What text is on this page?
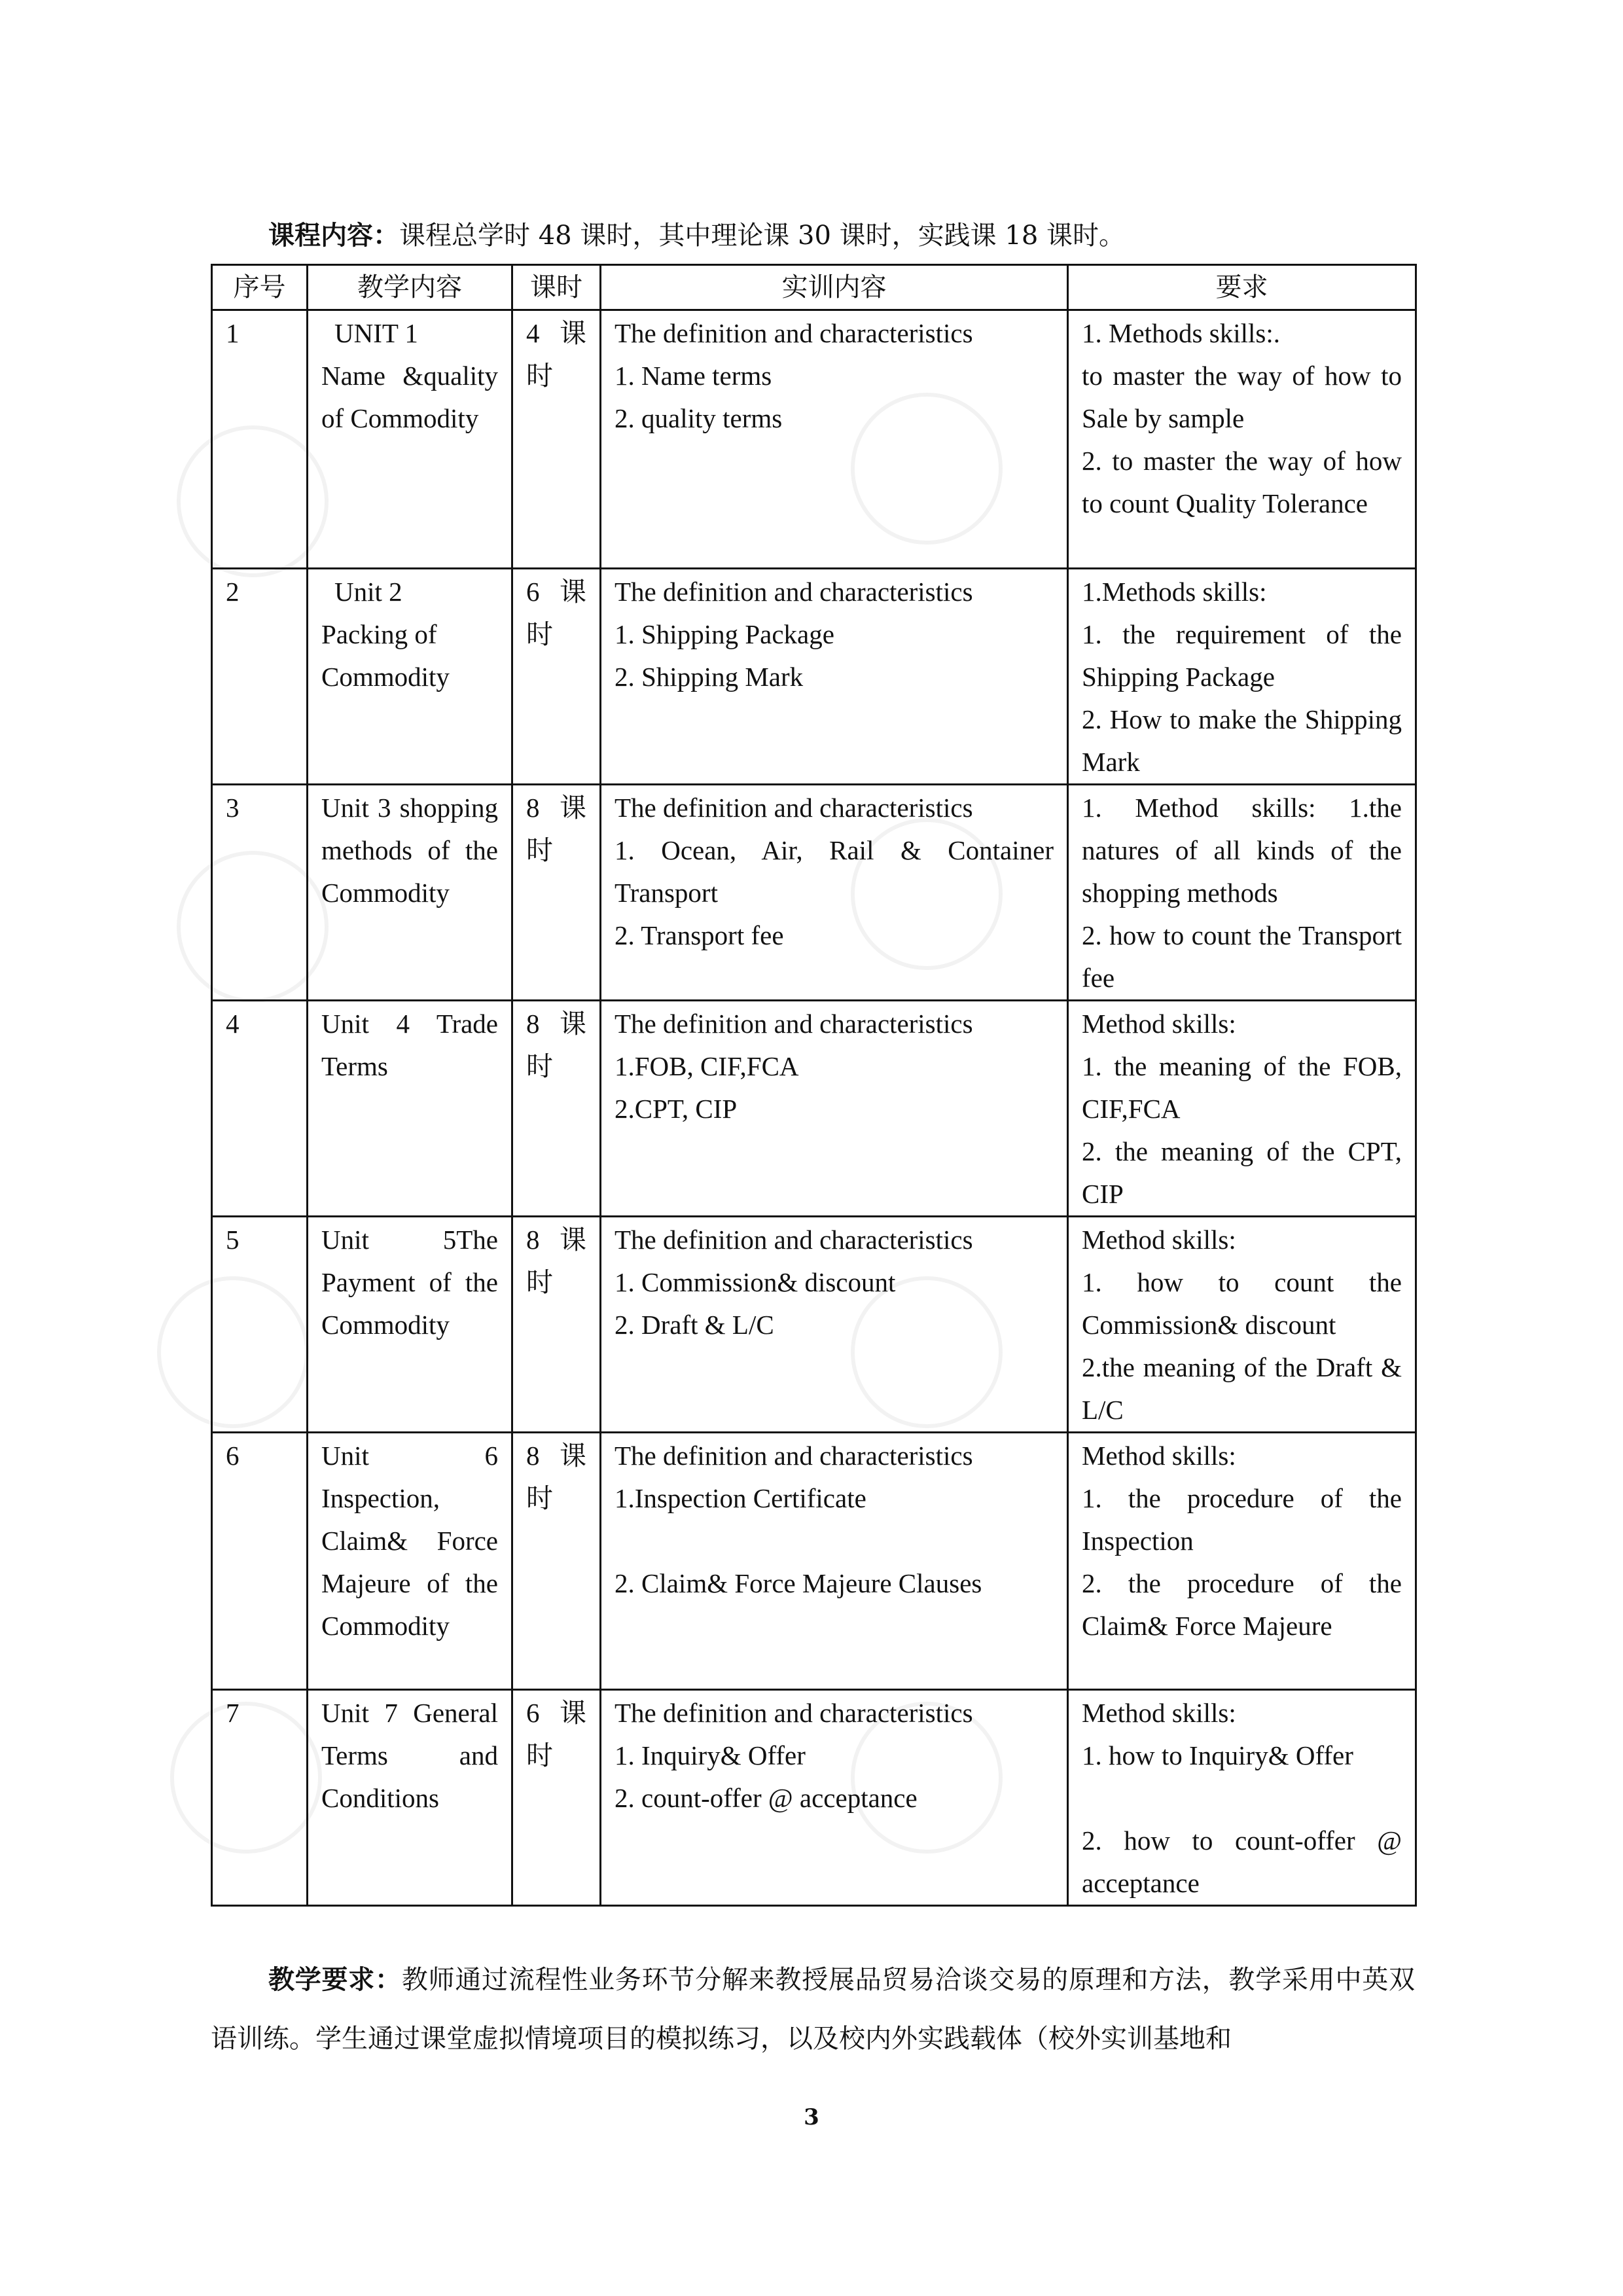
课程内容：课程总学时 48 课时，其中理论课 30 课时，实践课 18 课时。
序号	教学内容	课时	实训内容	要求
1	UNIT 1
Name &quality of Commodity	4 课时	The definition and characteristics
1. Name terms
2. quality terms	1. Methods skills:.
to master the way of how to Sale by sample
2. to master the way of how to count Quality Tolerance

2	Unit 2
Packing of Commodity	6 课时	The definition and characteristics
1. Shipping Package
2. Shipping Mark	1.Methods skills:
1. the requirement of the Shipping Package
2. How to make the Shipping Mark

3	Unit 3 shopping methods of the Commodity	8 课时	The definition and characteristics
1. Ocean, Air, Rail & Container Transport
2. Transport fee	1. Method skills: 1.the natures of all kinds of the shopping methods
2. how to count the Transport fee

4	Unit 4 Trade Terms	8 课时	The definition and characteristics
1.FOB, CIF,FCA
2.CPT, CIP	Method skills:
1. the meaning of the FOB, CIF,FCA
2. the meaning of the CPT, CIP

5	Unit 5The Payment of the Commodity	8 课时	The definition and characteristics
1. Commission& discount
2. Draft & L/C	Method skills:
1. how to count the Commission& discount
2.the meaning of the Draft & L/C

6	Unit 6 Inspection, Claim& Force Majeure of the Commodity	8 课时	The definition and characteristics
1.Inspection Certificate
2. Claim& Force Majeure Clauses	Method skills:
1. the procedure of the Inspection
2. the procedure of the Claim& Force Majeure

7	Unit 7 General Terms and Conditions	6 课时	The definition and characteristics
1. Inquiry& Offer
2. count-offer @ acceptance	Method skills:
1. how to Inquiry& Offer
2. how to count-offer @ acceptance
教学要求：教师通过流程性业务环节分解来教授展品贸易洽谈交易的原理和方法，教学采用中英双语训练。学生通过课堂虚拟情境项目的模拟练习，以及校内外实践载体（校外实训基地和
3
